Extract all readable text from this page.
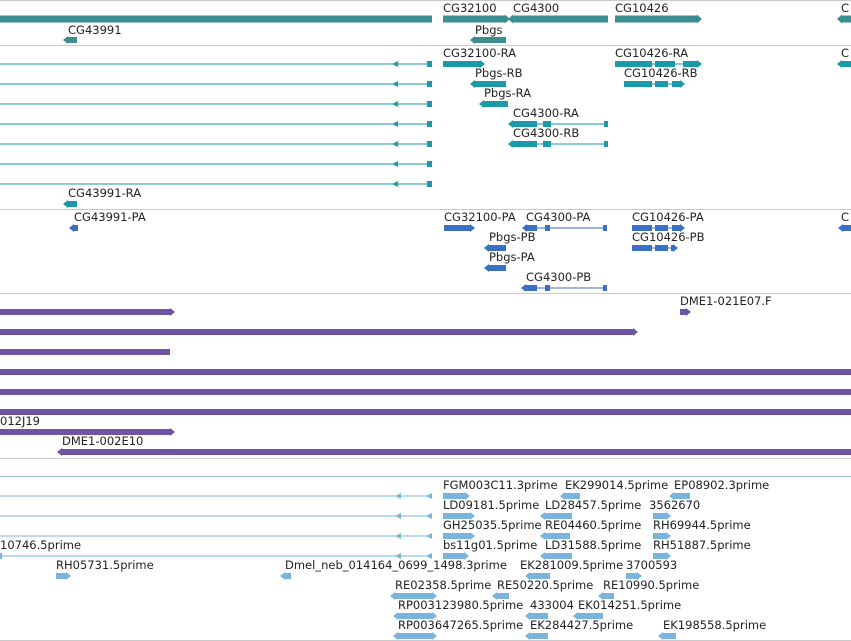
CG43991
CG32100
Pbgs
CG4300	CG10426	C
CG32100-RA	CG10426-RA	C
Pbgs-RB	CG10426-RB
Pbgs-RA
CG4300-RA
CG4300-RB
CG43991-RA
CG43991-PA	CG32100-PA CG4300-PA	CG10426-PA	C
Pbgs-PB	CG10426-PB
Pbgs-PA
CG4300-PB
DME1-021E07.F
012J19
DME1-002E10
FGM003C11.3prime EK299014.5prime EP08902.3prime
LD09181.5prime LD28457.5prime 3562670
GH25035.5prime RE04460.5prime RH69944.5prime
10746.5prime	bs11g01.5prime LD31588.5prime RH51887.5prime
RH05731.5prime	Dmel_neb_014164_0699_1498.3prime EK281009.5prime 3700593
RE02358.5prime RE50220.5prime RE10990.5prime
RP003123980.5prime 433004 EK014251.5prime
RP003647265.5prime EK284427.5prime	EK198558.5prime
